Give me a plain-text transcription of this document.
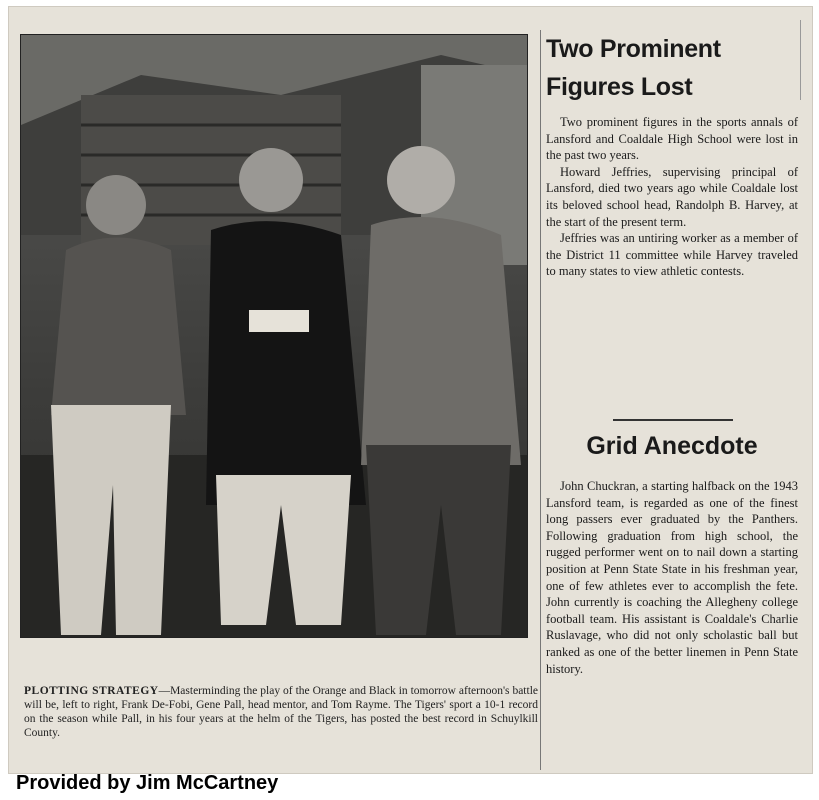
PLOTTING STRATEGY—Masterminding the play of the Orange and Black in tomorrow afternoon's battle will be, left to right, Frank De-Fobi, Gene Pall, head mentor, and Tom Rayme. The Tigers' sport a 10-1 record on the season while Pall, in his four years at the helm of the Tigers, has posted the best record in Schuylkill County.
Two Prominent
Figures Lost

Two prominent figures in the sports annals of Lansford and Coaldale High School were lost in the past two years.

Howard Jeffries, supervising principal of Lansford, died two years ago while Coaldale lost its beloved school head, Randolph B. Harvey, at the start of the present term.

Jeffries was an untiring worker as a member of the District 11 committee while Harvey traveled to many states to view athletic contests.

Grid Anecdote

John Chuckran, a starting halfback on the 1943 Lansford team, is regarded as one of the finest long passers ever graduated by the Panthers. Following graduation from high school, the rugged performer went on to nail down a starting position at Penn State State in his freshman year, one of few athletes ever to accomplish the fete. John currently is coaching the Allegheny college football team. His assistant is Coaldale's Charlie Ruslavage, who did not only scholastic ball but ranked as one of the better linemen in Penn State history.

Provided by Jim McCartney
